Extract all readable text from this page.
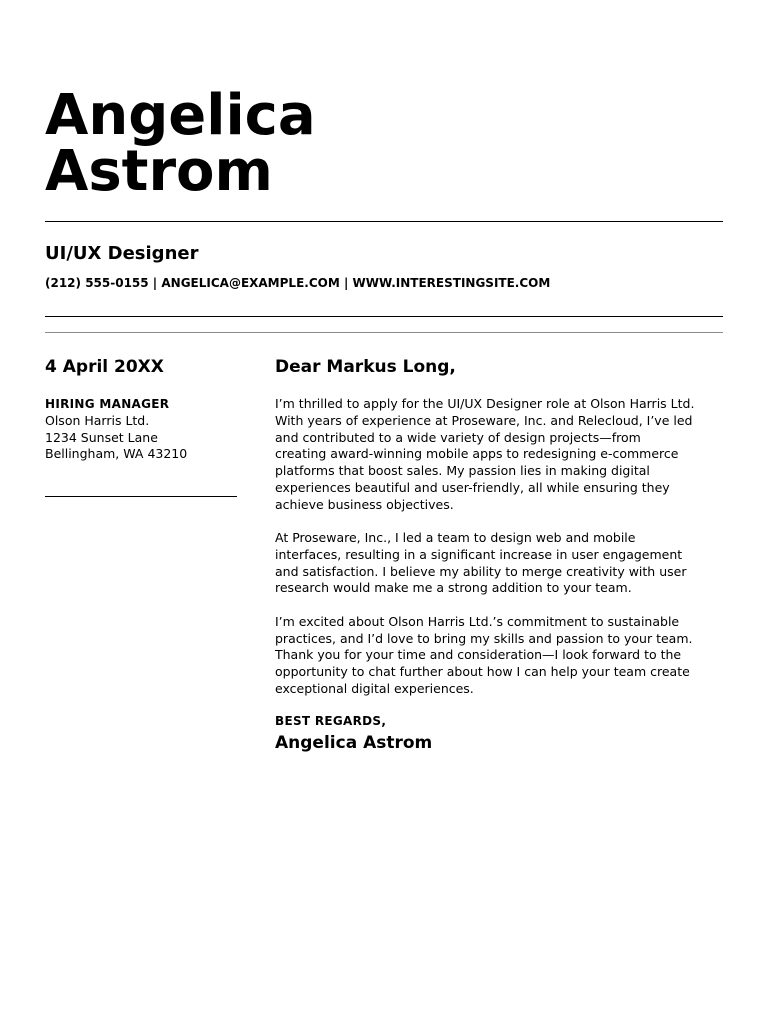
Angelica
Astrom
UI/UX Designer
(212) 555-0155 | ANGELICA@EXAMPLE.COM | WWW.INTERESTINGSITE.COM
4 April 20XX
HIRING MANAGER
Olson Harris Ltd.
1234 Sunset Lane
Bellingham, WA 43210
Dear Markus Long,

I’m thrilled to apply for the UI/UX Designer role at Olson Harris Ltd. With years of experience at Proseware, Inc. and Relecloud, I’ve led and contributed to a wide variety of design projects—from creating award-winning mobile apps to redesigning e-commerce platforms that boost sales. My passion lies in making digital experiences beautiful and user-friendly, all while ensuring they achieve business objectives.

At Proseware, Inc., I led a team to design web and mobile interfaces, resulting in a significant increase in user engagement and satisfaction. I believe my ability to merge creativity with user research would make me a strong addition to your team.

I’m excited about Olson Harris Ltd.’s commitment to sustainable practices, and I’d love to bring my skills and passion to your team. Thank you for your time and consideration—I look forward to the opportunity to chat further about how I can help your team create exceptional digital experiences.

BEST REGARDS,
Angelica Astrom
